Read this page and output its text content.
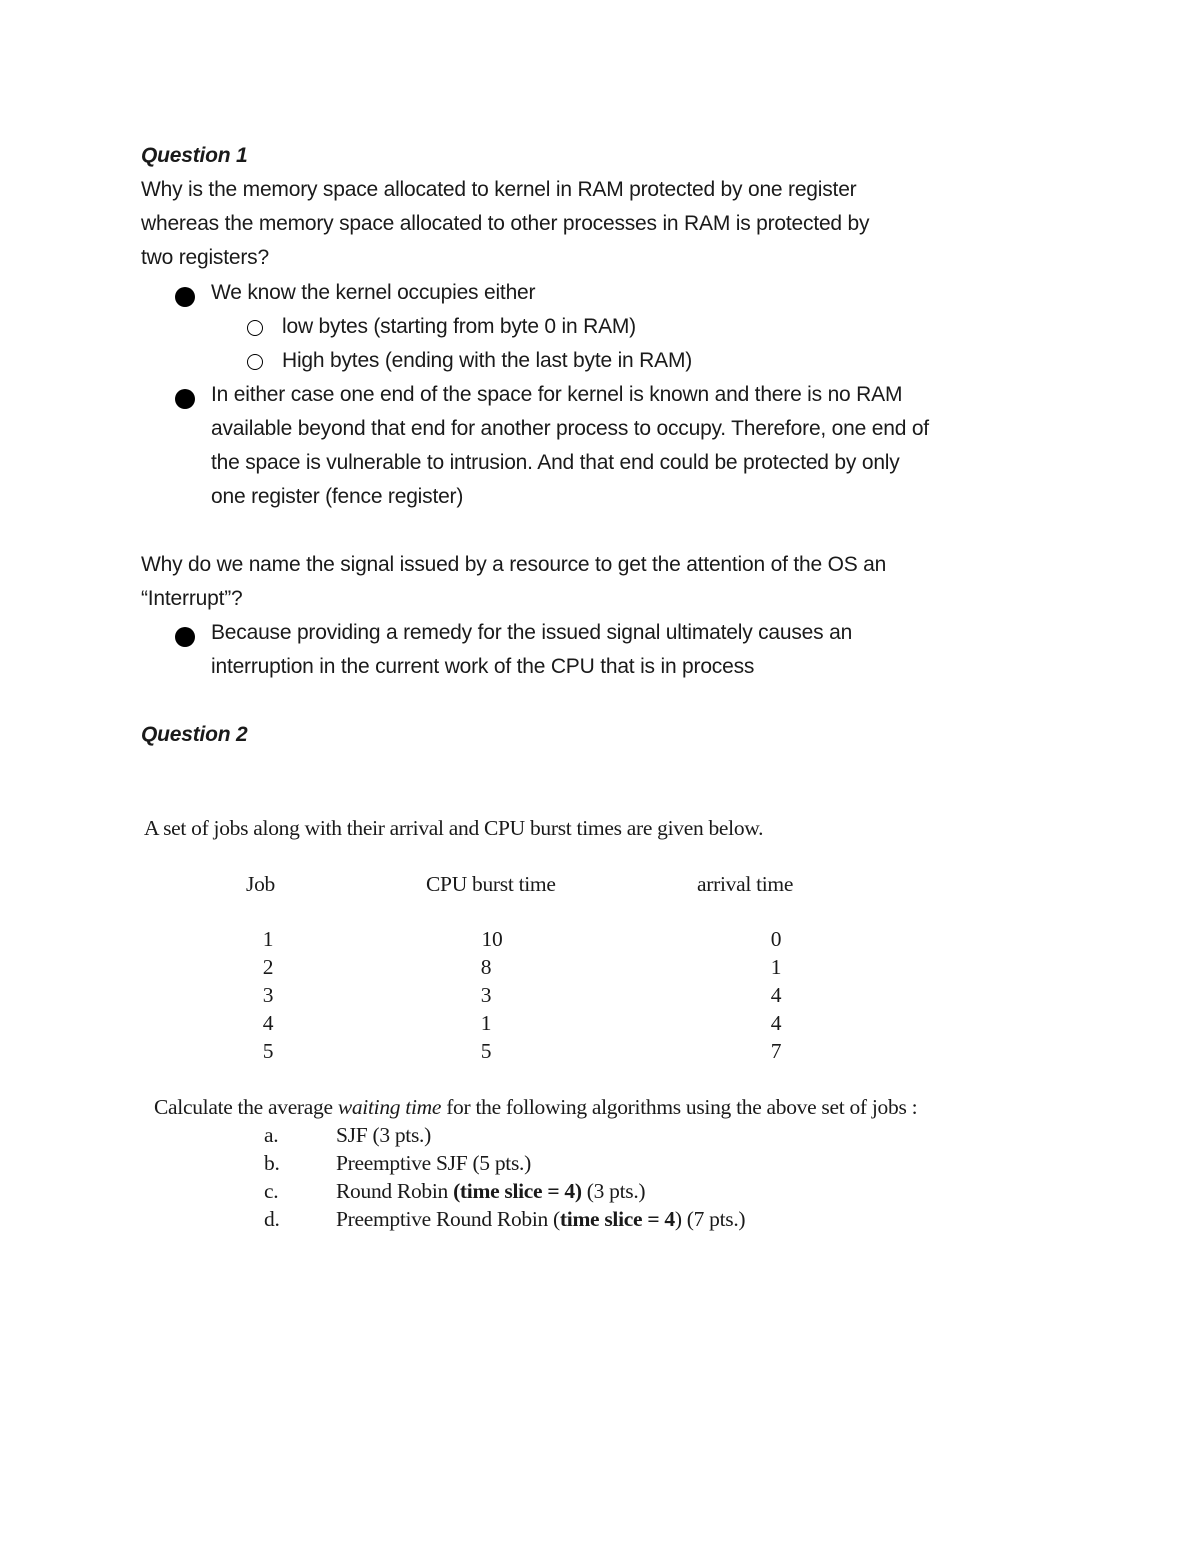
Question 1
Why is the memory space allocated to kernel in RAM protected by one register
whereas the memory space allocated to other processes in RAM is protected by
two registers?
We know the kernel occupies either
low bytes (starting from byte 0 in RAM)
High bytes (ending with the last byte in RAM)
In either case one end of the space for kernel is known and there is no RAM
available beyond that end for another process to occupy. Therefore, one end of
the space is vulnerable to intrusion. And that end could be protected by only
one register (fence register)
Why do we name the signal issued by a resource to get the attention of the OS an
“Interrupt”?
Because providing a remedy for the issued signal ultimately causes an
interruption in the current work of the CPU that is in process
Question 2
A set of jobs along with their arrival and CPU burst times are given below.
Job	CPU burst time	arrival time
1	10	0
2	8	1
3	3	4
4	1	4
5	5	7
Calculate the average waiting time for the following algorithms using the above set of jobs :
a.	SJF (3 pts.)
b.	Preemptive SJF (5 pts.)
c.	Round Robin (time slice = 4) (3 pts.)
d.	Preemptive Round Robin (time slice = 4) (7 pts.)
